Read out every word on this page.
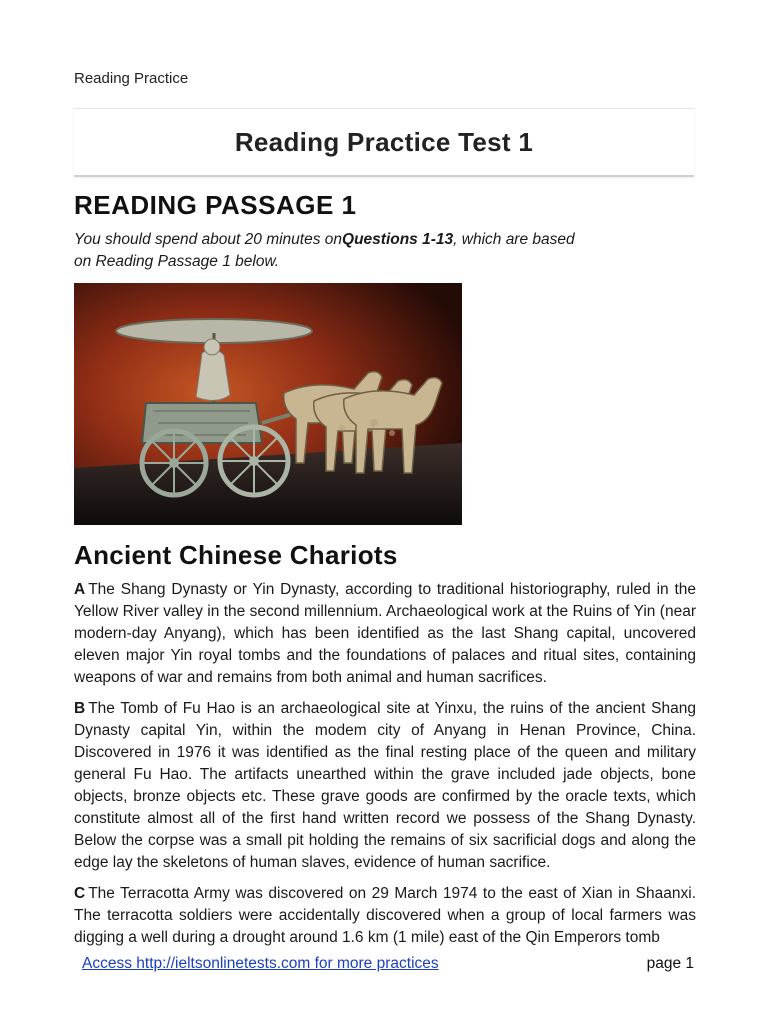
Reading Practice
Reading Practice Test 1
READING PASSAGE 1
You should spend about 20 minutes onQuestions 1-13, which are based on Reading Passage 1 below.
Ancient Chinese Chariots

A The Shang Dynasty or Yin Dynasty, according to traditional historiography, ruled in the Yellow River valley in the second millennium. Archaeological work at the Ruins of Yin (near modern-day Anyang), which has been identified as the last Shang capital, uncovered eleven major Yin royal tombs and the foundations of palaces and ritual sites, containing weapons of war and remains from both animal and human sacrifices.

B The Tomb of Fu Hao is an archaeological site at Yinxu, the ruins of the ancient Shang Dynasty capital Yin, within the modem city of Anyang in Henan Province, China. Discovered in 1976 it was identified as the final resting place of the queen and military general Fu Hao. The artifacts unearthed within the grave included jade objects, bone objects, bronze objects etc. These grave goods are confirmed by the oracle texts, which constitute almost all of the first hand written record we possess of the Shang Dynasty. Below the corpse was a small pit holding the remains of six sacrificial dogs and along the edge lay the skeletons of human slaves, evidence of human sacrifice.

C The Terracotta Army was discovered on 29 March 1974 to the east of Xian in Shaanxi. The terracotta soldiers were accidentally discovered when a group of local farmers was digging a well during a drought around 1.6 km (1 mile) east of the Qin Emperors tomb

Access http://ieltsonlinetests.com for more practices	page 1
